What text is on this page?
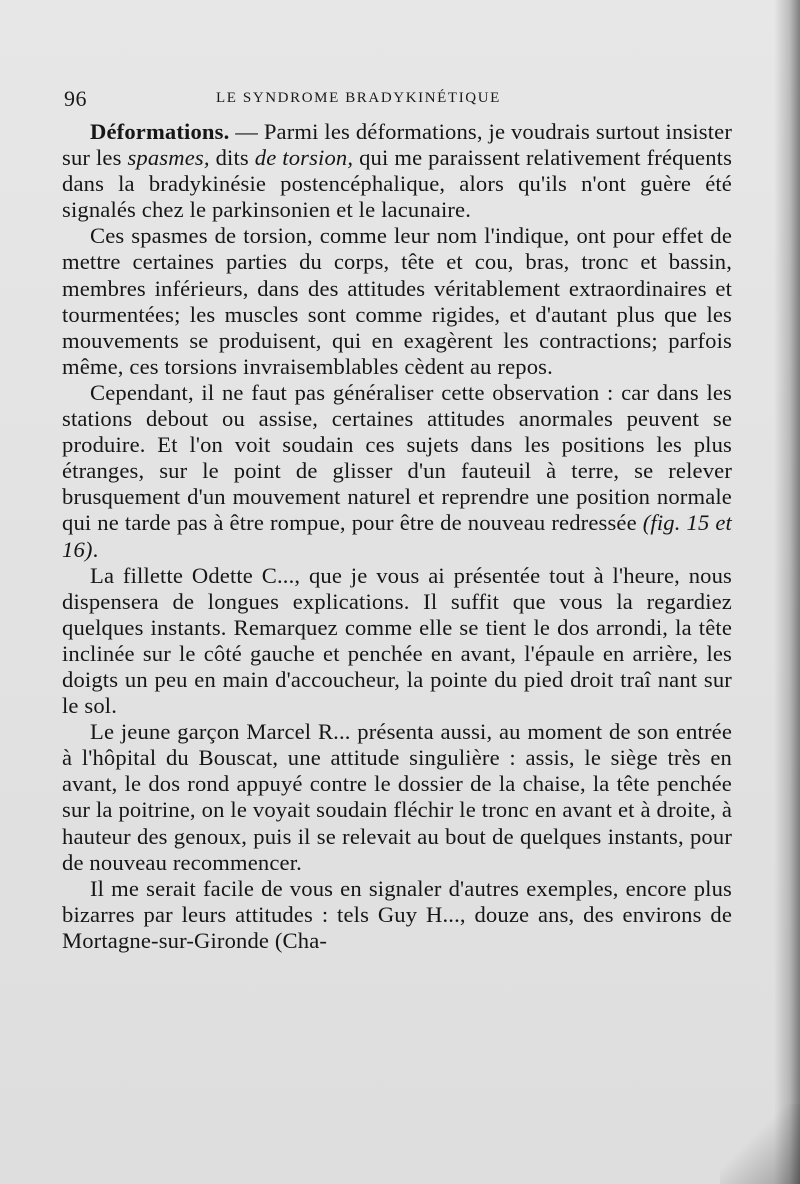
96	LE SYNDROME BRADYKINÉTIQUE

Déformations. — Parmi les déformations, je voudrais surtout insister sur les spasmes, dits de torsion, qui me paraissent relativement fréquents dans la bradykinésie postencéphalique, alors qu'ils n'ont guère été signalés chez le parkinsonien et le lacunaire.

Ces spasmes de torsion, comme leur nom l'indique, ont pour effet de mettre certaines parties du corps, tête et cou, bras, tronc et bassin, membres inférieurs, dans des attitudes véritablement extraordinaires et tourmentées; les muscles sont comme rigides, et d'autant plus que les mouvements se produisent, qui en exagèrent les contractions; parfois même, ces torsions invraisemblables cèdent au repos.

Cependant, il ne faut pas généraliser cette observation : car dans les stations debout ou assise, certaines attitudes anormales peuvent se produire. Et l'on voit soudain ces sujets dans les positions les plus étranges, sur le point de glisser d'un fauteuil à terre, se relever brusquement d'un mouvement naturel et reprendre une position normale qui ne tarde pas à être rompue, pour être de nouveau redressée (fig. 15 et 16).

La fillette Odette C..., que je vous ai présentée tout à l'heure, nous dispensera de longues explications. Il suffit que vous la regardiez quelques instants. Remarquez comme elle se tient le dos arrondi, la tête inclinée sur le côté gauche et penchée en avant, l'épaule en arrière, les doigts un peu en main d'accoucheur, la pointe du pied droit traî nant sur le sol.

Le jeune garçon Marcel R... présenta aussi, au moment de son entrée à l'hôpital du Bouscat, une attitude singulière : assis, le siège très en avant, le dos rond appuyé contre le dossier de la chaise, la tête penchée sur la poitrine, on le voyait soudain fléchir le tronc en avant et à droite, à hauteur des genoux, puis il se relevait au bout de quelques instants, pour de nouveau recommencer.

Il me serait facile de vous en signaler d'autres exemples, encore plus bizarres par leurs attitudes : tels Guy H..., douze ans, des environs de Mortagne-sur-Gironde (Cha-
